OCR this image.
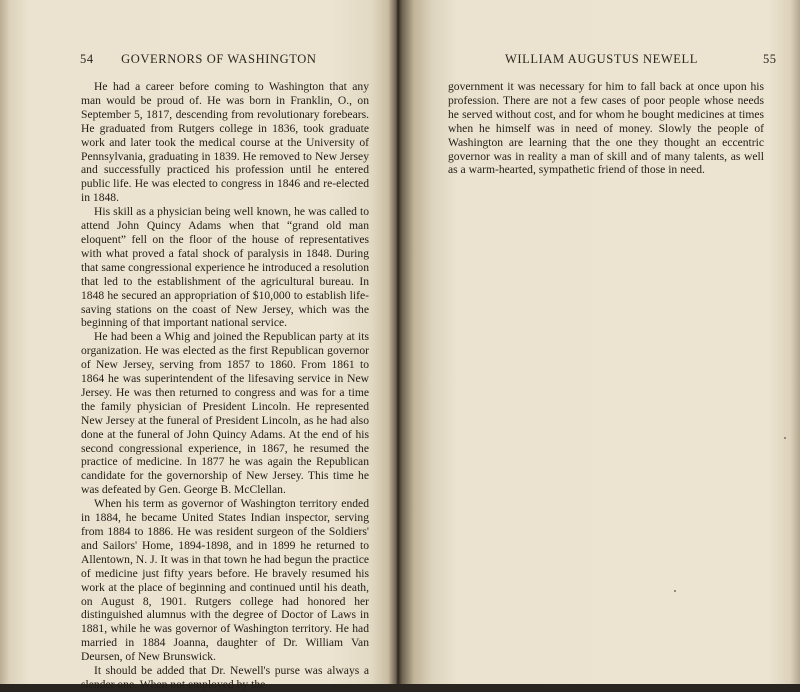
54 GOVERNORS OF WASHINGTON

He had a career before coming to Washington that any man would be proud of. He was born in Franklin, O., on September 5, 1817, descending from revolutionary forebears. He graduated from Rutgers college in 1836, took graduate work and later took the medical course at the University of Pennsylvania, graduating in 1839. He removed to New Jersey and successfully practiced his profession until he entered public life. He was elected to congress in 1846 and re-elected in 1848.

His skill as a physician being well known, he was called to attend John Quincy Adams when that “grand old man eloquent” fell on the floor of the house of representatives with what proved a fatal shock of paralysis in 1848. During that same congressional experience he introduced a resolution that led to the establishment of the agricultural bureau. In 1848 he secured an appropriation of $10,000 to establish life-saving stations on the coast of New Jersey, which was the beginning of that important national service.

He had been a Whig and joined the Republican party at its organization. He was elected as the first Republican governor of New Jersey, serving from 1857 to 1860. From 1861 to 1864 he was superintendent of the lifesaving service in New Jersey. He was then returned to congress and was for a time the family physician of President Lincoln. He represented New Jersey at the funeral of President Lincoln, as he had also done at the funeral of John Quincy Adams. At the end of his second congressional experience, in 1867, he resumed the practice of medicine. In 1877 he was again the Republican candidate for the governorship of New Jersey. This time he was defeated by Gen. George B. McClellan.

When his term as governor of Washington territory ended in 1884, he became United States Indian inspector, serving from 1884 to 1886. He was resident surgeon of the Soldiers' and Sailors' Home, 1894-1898, and in 1899 he returned to Allentown, N. J. It was in that town he had begun the practice of medicine just fifty years before. He bravely resumed his work at the place of beginning and continued until his death, on August 8, 1901. Rutgers college had honored her distinguished alumnus with the degree of Doctor of Laws in 1881, while he was governor of Washington territory. He had married in 1884 Joanna, daughter of Dr. William Van Deursen, of New Brunswick.

It should be added that Dr. Newell's purse was always a slender one. When not employed by the

WILLIAM AUGUSTUS NEWELL	55

government it was necessary for him to fall back at once upon his profession. There are not a few cases of poor people whose needs he served without cost, and for whom he bought medicines at times when he himself was in need of money. Slowly the people of Washington are learning that the one they thought an eccentric governor was in reality a man of skill and of many talents, as well as a warm-hearted, sympathetic friend of those in need.
